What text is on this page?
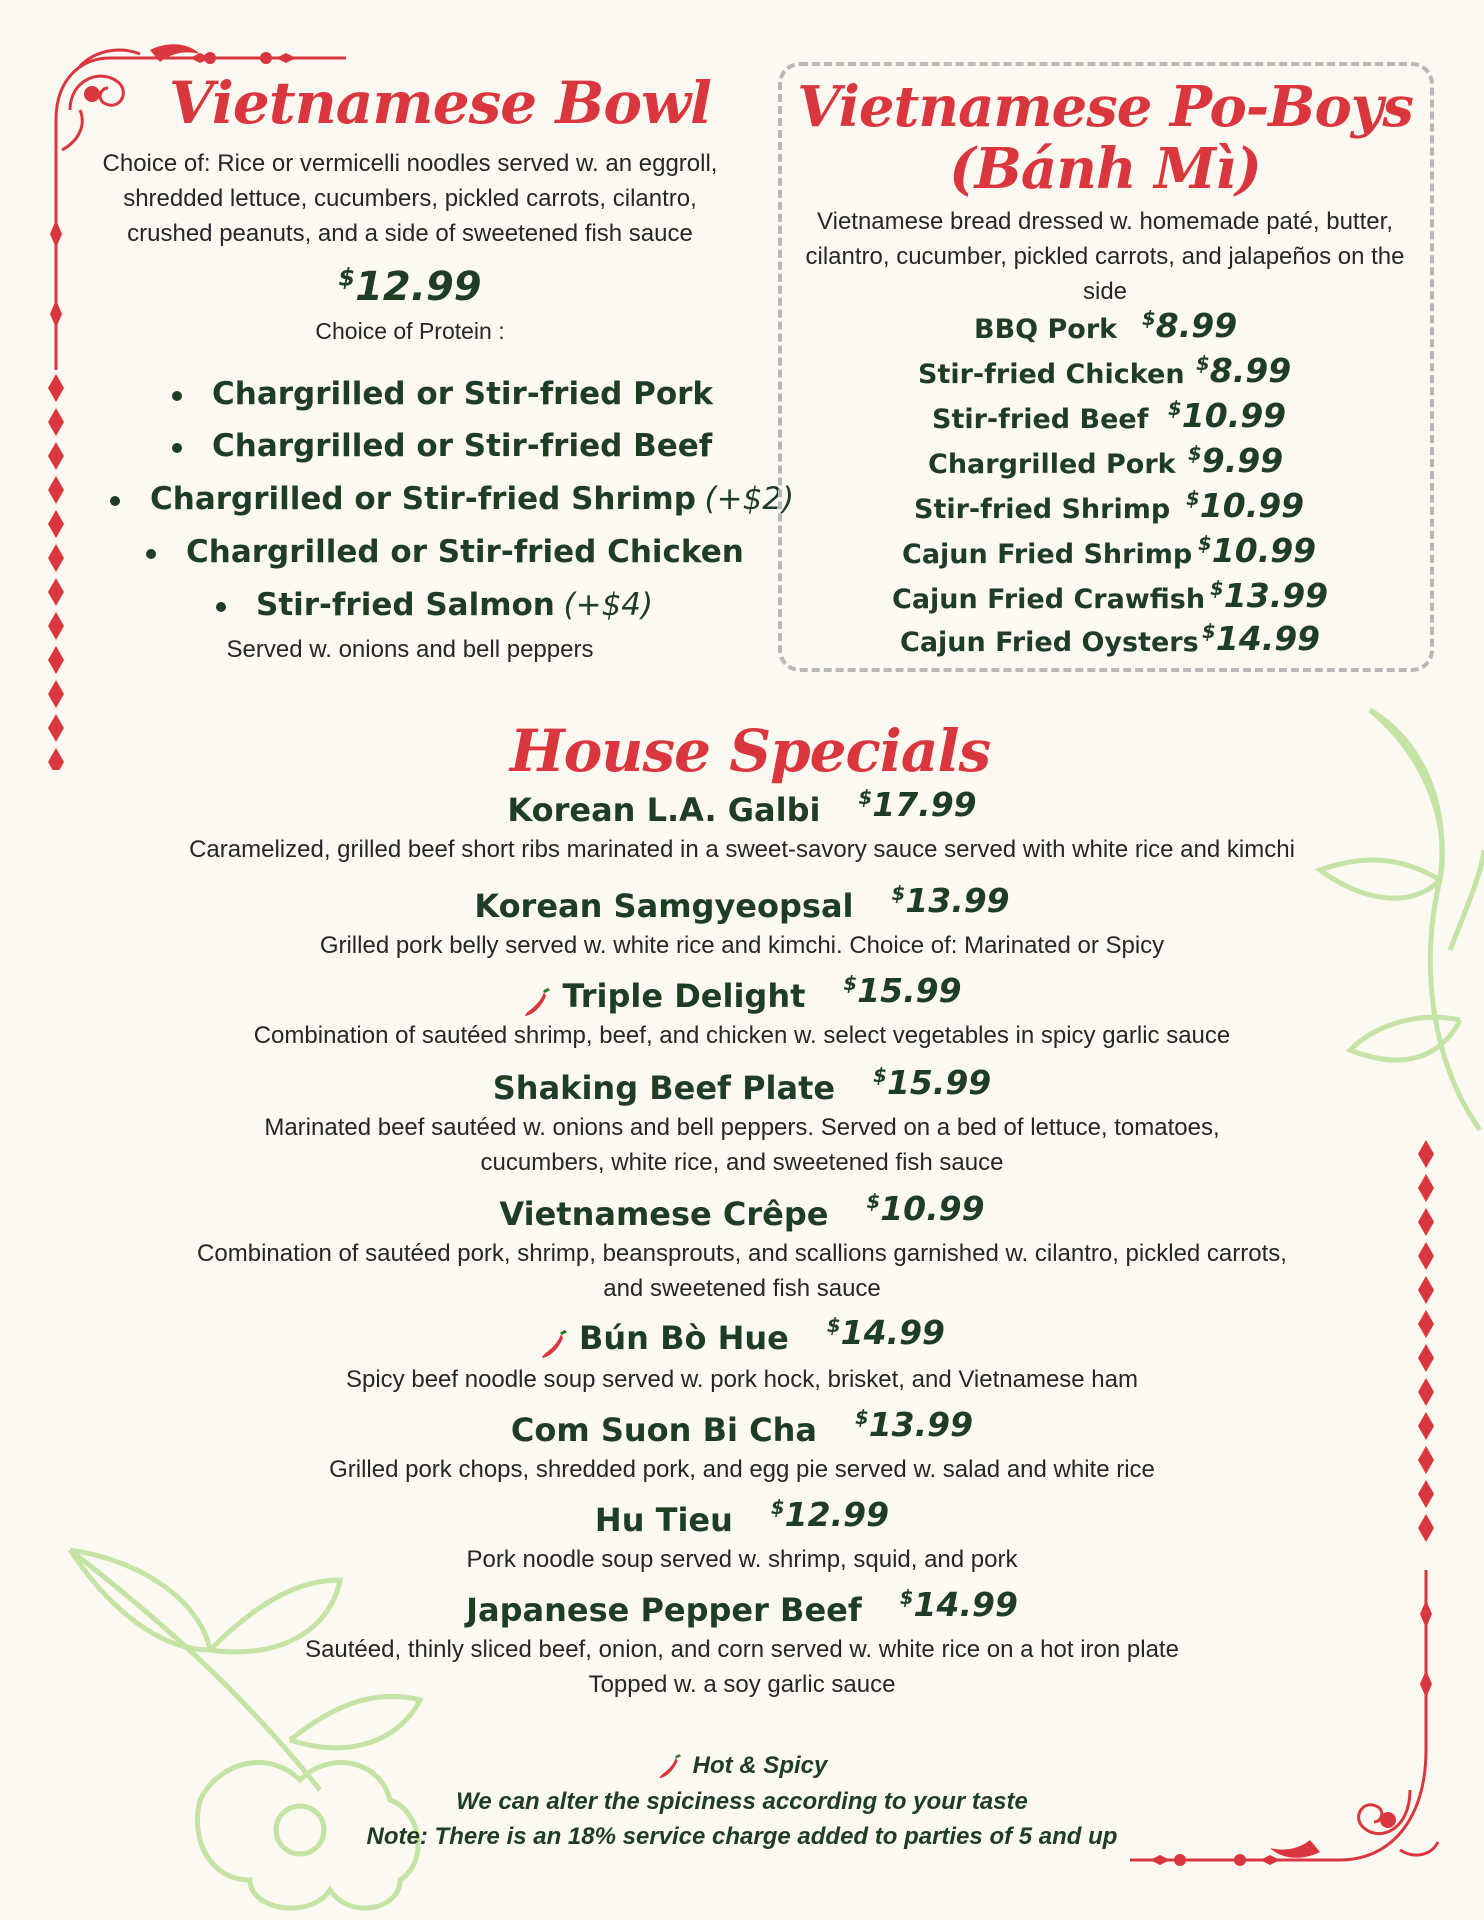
Vietnamese Bowl
Choice of: Rice or vermicelli noodles served w. an eggroll, shredded lettuce, cucumbers, pickled carrots, cilantro, crushed peanuts, and a side of sweetened fish sauce
$12.99
Choice of Protein :
Chargrilled or Stir-fried Pork
Chargrilled or Stir-fried Beef
Chargrilled or Stir-fried Shrimp (+$2)
Chargrilled or Stir-fried Chicken
Stir-fried Salmon (+$4)
Served w. onions and bell peppers
Vietnamese Po-Boys
(Bánh Mì)
Vietnamese bread dressed w. homemade paté, butter, cilantro, cucumber, pickled carrots, and jalapeños on the side
BBQ Pork $8.99
Stir-fried Chicken $8.99
Stir-fried Beef $10.99
Chargrilled Pork $9.99
Stir-fried Shrimp $10.99
Cajun Fried Shrimp $10.99
Cajun Fried Crawfish $13.99
Cajun Fried Oysters $14.99
House Specials
Korean L.A. Galbi $17.99
Caramelized, grilled beef short ribs marinated in a sweet-savory sauce served with white rice and kimchi
Korean Samgyeopsal $13.99
Grilled pork belly served w. white rice and kimchi. Choice of: Marinated or Spicy
Triple Delight $15.99
Combination of sautéed shrimp, beef, and chicken w. select vegetables in spicy garlic sauce
Shaking Beef Plate $15.99
Marinated beef sautéed w. onions and bell peppers. Served on a bed of lettuce, tomatoes,
cucumbers, white rice, and sweetened fish sauce
Vietnamese Crêpe $10.99
Combination of sautéed pork, shrimp, beansprouts, and scallions garnished w. cilantro, pickled carrots,
and sweetened fish sauce
Bún Bò Hue $14.99
Spicy beef noodle soup served w. pork hock, brisket, and Vietnamese ham
Com Suon Bi Cha $13.99
Grilled pork chops, shredded pork, and egg pie served w. salad and white rice
Hu Tieu $12.99
Pork noodle soup served w. shrimp, squid, and pork
Japanese Pepper Beef $14.99
Sautéed, thinly sliced beef, onion, and corn served w. white rice on a hot iron plate
Topped w. a soy garlic sauce
Hot & Spicy
We can alter the spiciness according to your taste
Note: There is an 18% service charge added to parties of 5 and up
